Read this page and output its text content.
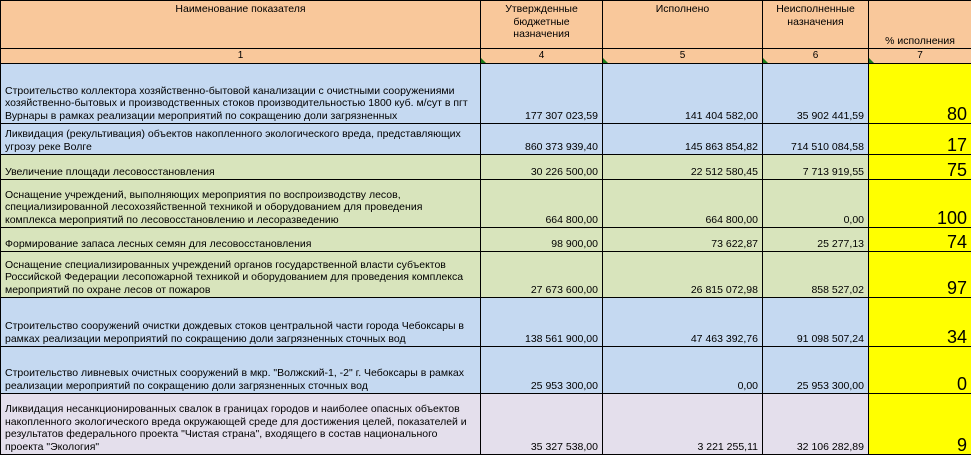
Наименование показателя	Утвержденные бюджетные назначения	Исполнено	Неисполненные назначения	% исполнения
1	4	5	6	7

Строительство коллектора хозяйственно-бытовой канализации с очистными сооружениями хозяйственно-бытовых и производственных стоков производительностью 1800 куб. м/сут в пгт Вурнары в рамках реализации мероприятий по сокращению доли загрязненных	177 307 023,59	141 404 582,00	35 902 441,59	80
Ликвидация (рекультивация) объектов накопленного экологического вреда, представляющих угрозу реке Волге	860 373 939,40	145 863 854,82	714 510 084,58	17
Увеличение площади лесовосстановления	30 226 500,00	22 512 580,45	7 713 919,55	75
Оснащение учреждений, выполняющих мероприятия по воспроизводству лесов, специализированной лесохозяйственной техникой и оборудованием для проведения комплекса мероприятий по лесовосстановлению и лесоразведению	664 800,00	664 800,00	0,00	100
Формирование запаса лесных семян для лесовосстановления	98 900,00	73 622,87	25 277,13	74
Оснащение специализированных учреждений органов государственной власти субъектов Российской Федерации лесопожарной техникой и оборудованием для проведения комплекса мероприятий по охране лесов от пожаров	27 673 600,00	26 815 072,98	858 527,02	97
Строительство сооружений очистки дождевых стоков центральной части города Чебоксары в рамках реализации мероприятий по сокращению доли загрязненных сточных вод	138 561 900,00	47 463 392,76	91 098 507,24	34
Строительство ливневых очистных сооружений в мкр. "Волжский-1, -2" г. Чебоксары в рамках реализации мероприятий по сокращению доли загрязненных сточных вод	25 953 300,00	0,00	25 953 300,00	0
Ликвидация несанкционированных свалок в границах городов и наиболее опасных объектов накопленного экологического вреда окружающей среде для достижения целей, показателей и результатов федерального проекта "Чистая страна", входящего в состав национального проекта "Экология"	35 327 538,00	3 221 255,11	32 106 282,89	9
